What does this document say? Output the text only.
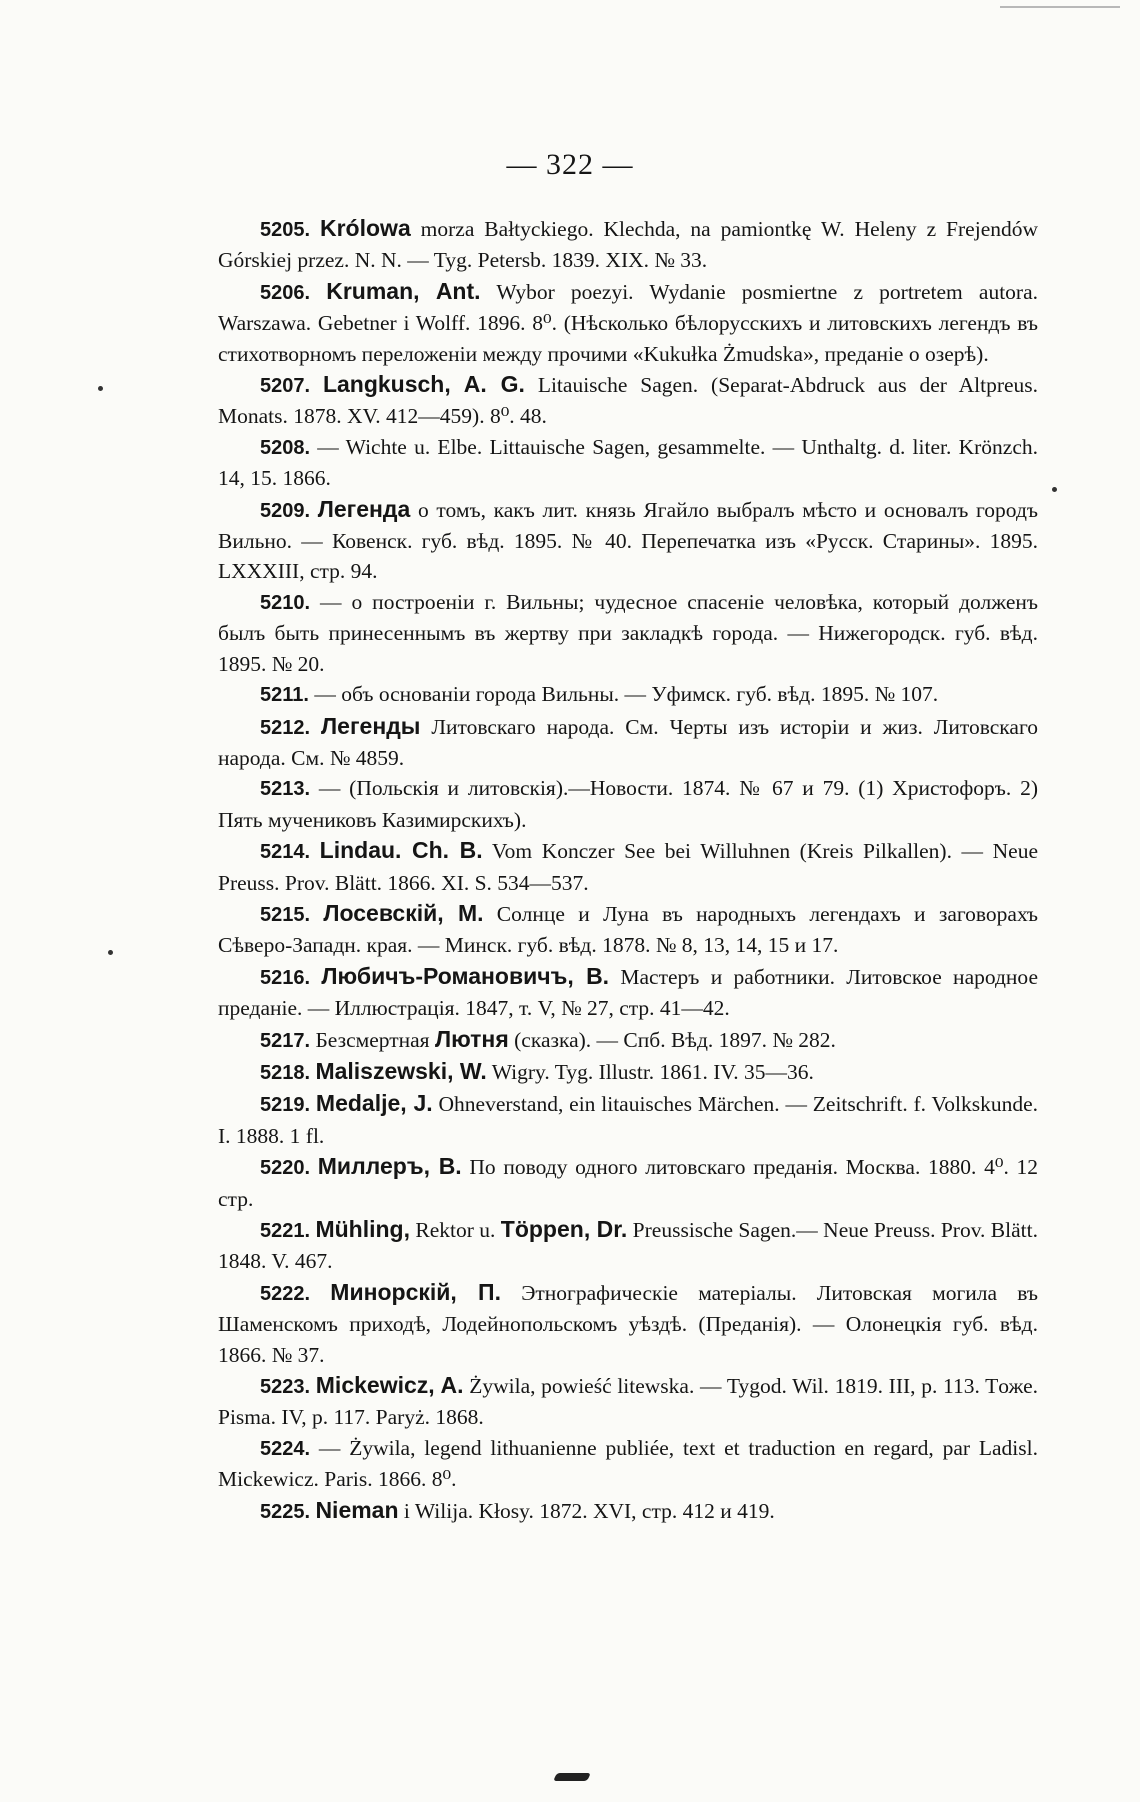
— 322 —

5205. Królowa morza Bałtyckiego. Klechda, na pamiontkę W. Heleny z Frejendów Górskiej przez. N. N. — Tyg. Petersb. 1839. XIX. № 33.

5206. Kruman, Ant. Wybor poezyi. Wydanie posmiertne z portretem autora. Warszawa. Gebetner i Wolff. 1896. 8⁰. (Нѣсколько бѣлорусскихъ и литовскихъ легендъ въ стихотворномъ переложеніи между прочими «Kukułka Żmudska», преданіе о озерѣ).

5207. Langkusch, A. G. Litauische Sagen. (Separat-Abdruck aus der Altpreus. Monats. 1878. XV. 412—459). 8⁰. 48.

5208. — Wichte u. Elbe. Littauische Sagen, gesammelte. — Unthaltg. d. liter. Krönzch. 14, 15. 1866.

5209. Легенда о томъ, какъ лит. князь Ягайло выбралъ мѣсто и основалъ городъ Вильно. — Ковенск. губ. вѣд. 1895. № 40. Перепечатка изъ «Русск. Старины». 1895. LXXXIII, стр. 94.

5210. — о построеніи г. Вильны; чудесное спасеніе человѣка, который долженъ былъ быть принесеннымъ въ жертву при закладкѣ города. — Нижегородск. губ. вѣд. 1895. № 20.

5211. — объ основаніи города Вильны. — Уфимск. губ. вѣд. 1895. № 107.

5212. Легенды Литовскаго народа. См. Черты изъ исторіи и жиз. Литовскаго народа. См. № 4859.

5213. — (Польскія и литовскія).—Новости. 1874. № 67 и 79. (1) Христофоръ. 2) Пять мучениковъ Казимирскихъ).

5214. Lindau. Ch. B. Vom Konczer See bei Willuhnen (Kreis Pilkallen). — Neue Preuss. Prov. Blätt. 1866. XI. S. 534—537.

5215. Лосевскій, М. Солнце и Луна въ народныхъ легендахъ и заговорахъ Сѣверо-Западн. края. — Минск. губ. вѣд. 1878. № 8, 13, 14, 15 и 17.

5216. Любичъ-Романовичъ, В. Мастеръ и работники. Литовское народное преданіе. — Иллюстрація. 1847, т. V, № 27, стр. 41—42.

5217. Безсмертная Лютня (сказка). — Спб. Вѣд. 1897. № 282.

5218. Maliszewski, W. Wigry. Tyg. Illustr. 1861. IV. 35—36.

5219. Medalje, J. Ohneverstand, ein litauisches Märchen. — Zeitschrift. f. Volkskunde. I. 1888. 1 fl.

5220. Миллеръ, В. По поводу одного литовскаго преданія. Москва. 1880. 4⁰. 12 стр.

5221. Mühling, Rektor u. Töppen, Dr. Preussische Sagen.— Neue Preuss. Prov. Blätt. 1848. V. 467.

5222. Минорскій, П. Этнографическіе матеріалы. Литовская могила въ Шаменскомъ приходѣ, Лодейнопольскомъ уѣздѣ. (Преданія). — Олонецкія губ. вѣд. 1866. № 37.

5223. Mickewicz, A. Żywila, powieść litewska. — Tygod. Wil. 1819. III, p. 113. Tоже. Pisma. IV, p. 117. Paryż. 1868.

5224. — Żywila, legend lithuanienne publiée, text et traduction en regard, par Ladisl. Mickewicz. Paris. 1866. 8⁰.

5225. Nieman i Wilija. Kłosy. 1872. XVI, стр. 412 и 419.
